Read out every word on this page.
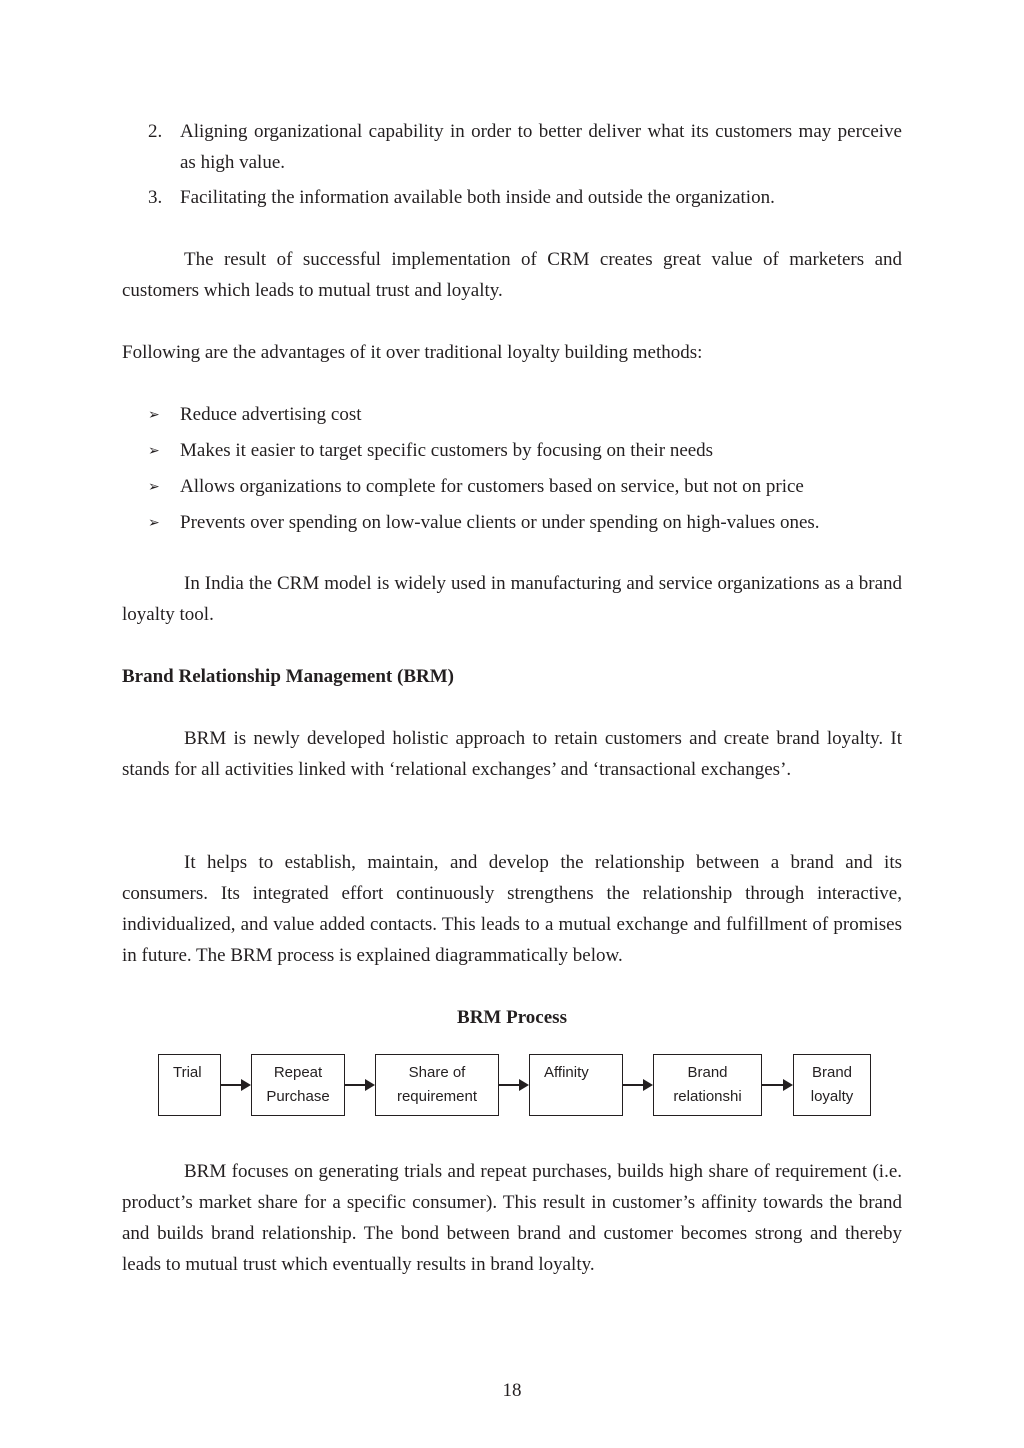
2. Aligning organizational capability in order to better deliver what its customers may perceive as high value.
3. Facilitating the information available both inside and outside the organization.

The result of successful implementation of CRM creates great value of marketers and customers which leads to mutual trust and loyalty.

Following are the advantages of it over traditional loyalty building methods:

➢ Reduce advertising cost
➢ Makes it easier to target specific customers by focusing on their needs
➢ Allows organizations to complete for customers based on service, but not on price
➢ Prevents over spending on low-value clients or under spending on high-values ones.

In India the CRM model is widely used in manufacturing and service organizations as a brand loyalty tool.

Brand Relationship Management (BRM)

BRM is newly developed holistic approach to retain customers and create brand loyalty. It stands for all activities linked with ‘relational exchanges’ and ‘transactional exchanges’.

It helps to establish, maintain, and develop the relationship between a brand and its consumers. Its integrated effort continuously strengthens the relationship through interactive, individualized, and value added contacts. This leads to a mutual exchange and fulfillment of promises in future. The BRM process is explained diagrammatically below.

BRM Process

BRM focuses on generating trials and repeat purchases, builds high share of requirement (i.e. product’s market share for a specific consumer). This result in customer’s affinity towards the brand and builds brand relationship. The bond between brand and customer becomes strong and thereby leads to mutual trust which eventually results in brand loyalty.

Trial	Repeat
Purchase
Share of
requirement
Affinity	Brand
relationshi
Brand
loyalty
18
